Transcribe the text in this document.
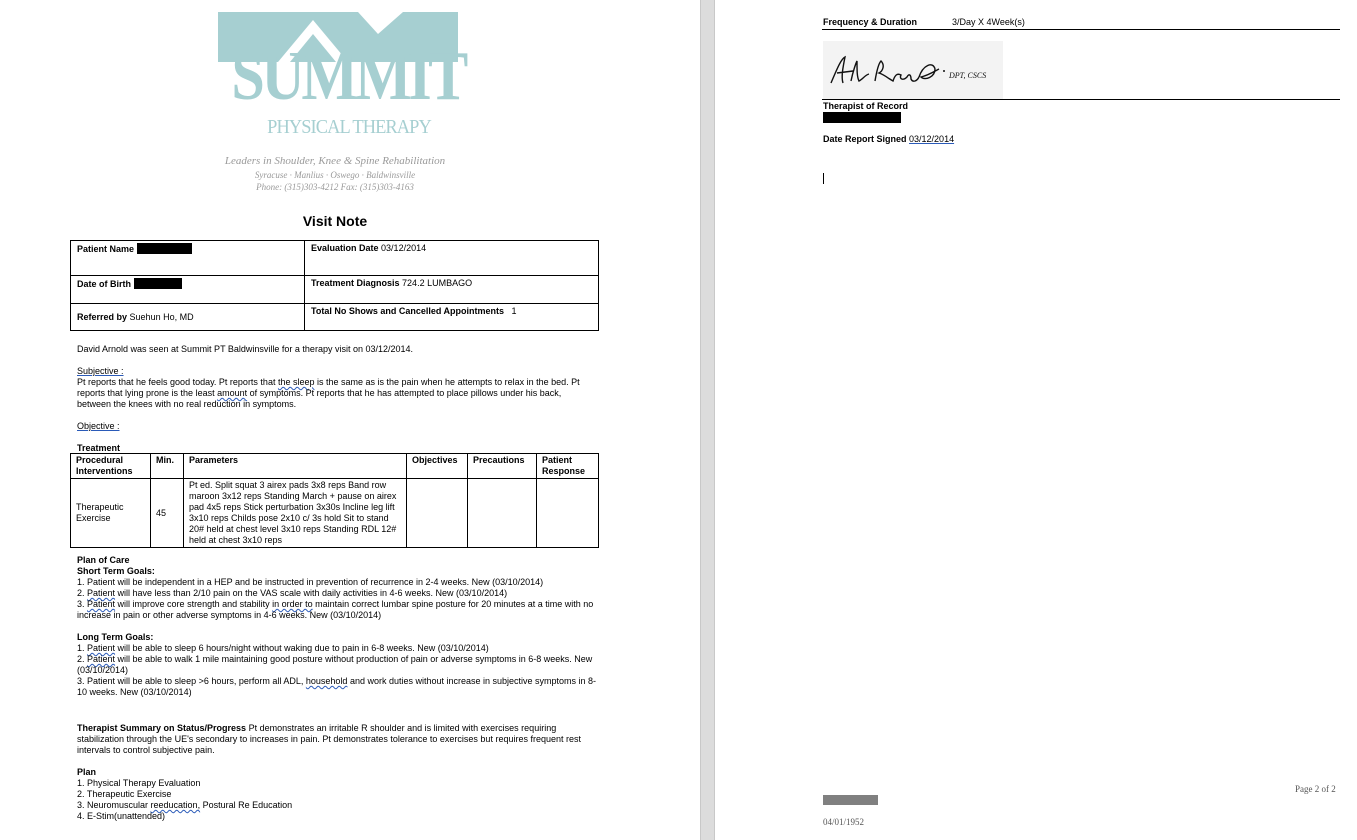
SUMMIT
PHYSICAL THERAPY
Leaders in Shoulder, Knee & Spine Rehabilitation
Syracuse · Manlius · Oswego · Baldwinsville
Phone: (315)303-4212 Fax: (315)303-4163
Visit Note
Patient Name	Evaluation Date 03/12/2014
Date of Birth	Treatment Diagnosis 724.2 LUMBAGO
Referred by Suehun Ho, MD	Total No Shows and Cancelled Appointments 1
David Arnold was seen at Summit PT Baldwinsville for a therapy visit on 03/12/2014.
Subjective :
Pt reports that he feels good today. Pt reports that the sleep is the same as is the pain when he attempts to relax in the bed. Pt reports that lying prone is the least amount of symptoms. Pt reports that he has attempted to place pillows under his back, between the knees with no real reduction in symptoms.
Objective :
Treatment
Procedural Interventions	Min.	Parameters	Objectives	Precautions	Patient Response
Therapeutic Exercise	45	Pt ed. Split squat 3 airex pads 3x8 reps Band row maroon 3x12 reps Standing March + pause on airex pad 4x5 reps Stick perturbation 3x30s Incline leg lift 3x10 reps Childs pose 2x10 c/ 3s hold Sit to stand 20# held at chest level 3x10 reps Standing RDL 12# held at chest 3x10 reps			
Plan of Care
Short Term Goals:
1. Patient will be independent in a HEP and be instructed in prevention of recurrence in 2-4 weeks. New (03/10/2014)
2. Patient will have less than 2/10 pain on the VAS scale with daily activities in 4-6 weeks. New (03/10/2014)
3. Patient will improve core strength and stability in order to maintain correct lumbar spine posture for 20 minutes at a time with no increase in pain or other adverse symptoms in 4-6 weeks. New (03/10/2014)
Long Term Goals:
1. Patient will be able to sleep 6 hours/night without waking due to pain in 6-8 weeks. New (03/10/2014)
2. Patient will be able to walk 1 mile maintaining good posture without production of pain or adverse symptoms in 6-8 weeks. New (03/10/2014)
3. Patient will be able to sleep >6 hours, perform all ADL, household and work duties without increase in subjective symptoms in 8-10 weeks. New (03/10/2014)
Therapist Summary on Status/Progress Pt demonstrates an irritable R shoulder and is limited with exercises requiring stabilization through the UE's secondary to increases in pain. Pt demonstrates tolerance to exercises but requires frequent rest intervals to control subjective pain.
Plan
1. Physical Therapy Evaluation
2. Therapeutic Exercise
3. Neuromuscular reeducation, Postural Re Education
4. E-Stim(unattended)
Frequency & Duration	3/Day X 4Week(s)
DPT, CSCS
Therapist of Record
Date Report Signed 03/12/2014
Page 2 of 2
04/01/1952
